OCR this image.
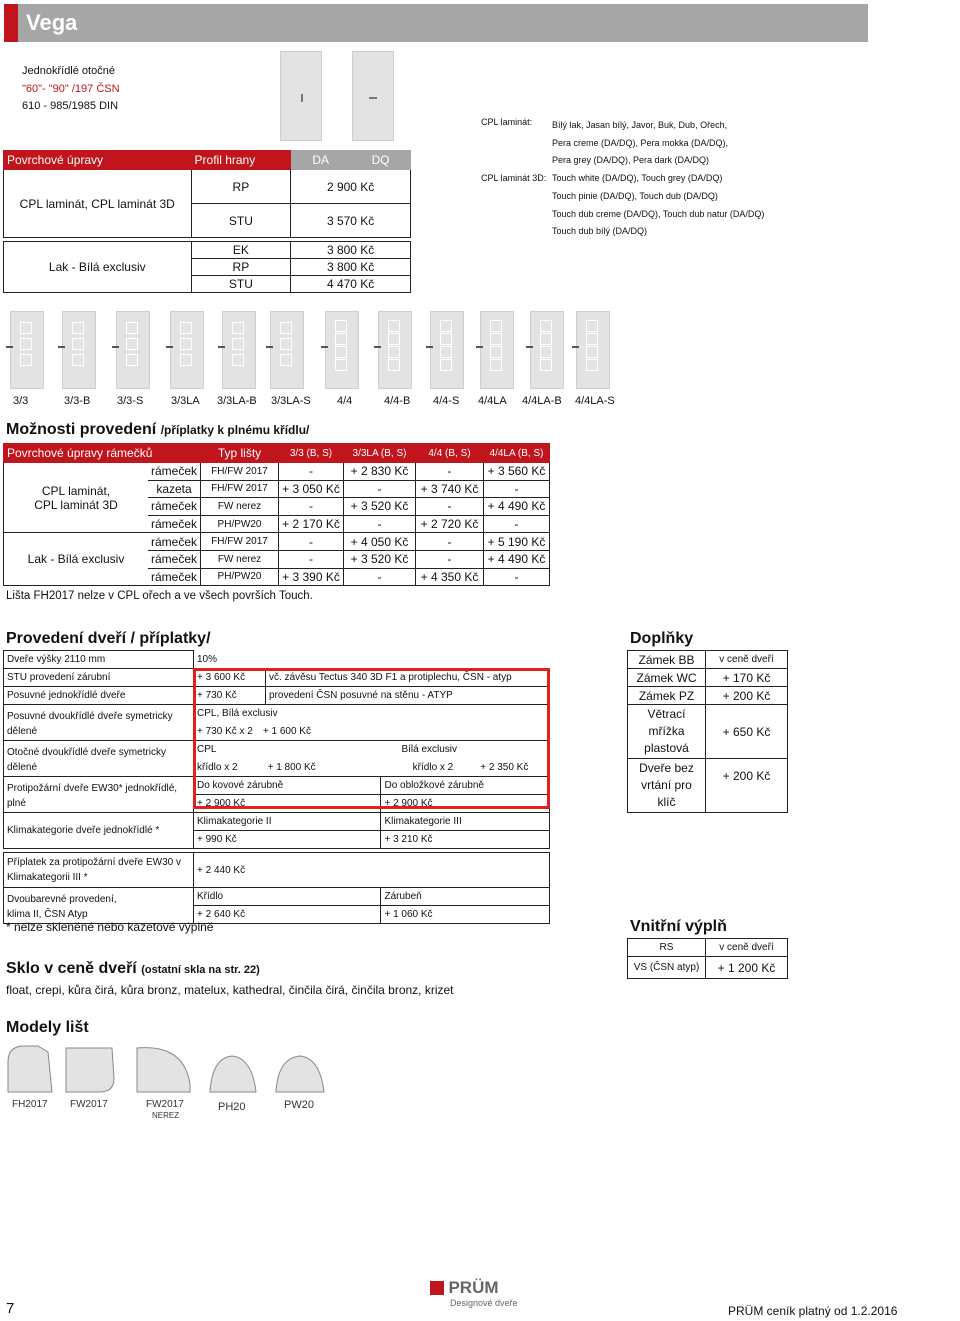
Vega
Jednokřídlé otočné
"60"- "90" /197 ČSN
610 - 985/1985 DIN
CPL laminát:
CPL laminát 3D:
Bílý lak, Jasan bílý, Javor, Buk, Dub, Ořech,
Pera creme (DA/DQ), Pera mokka (DA/DQ),
Pera grey (DA/DQ), Pera dark (DA/DQ)
Touch white (DA/DQ), Touch grey (DA/DQ)
Touch pinie (DA/DQ), Touch dub (DA/DQ)
Touch dub creme (DA/DQ), Touch dub natur (DA/DQ)
Touch dub bílý (DA/DQ)
Povrchové úpravy	Profil hrany	DA	DQ
CPL laminát, CPL laminát 3D	RP	2 900 Kč	
	STU	3 570 Kč	

Lak - Bílá exclusiv	EK	3 800 Kč	
	RP	3 800 Kč	
	STU	4 470 Kč	
3/3	3/3-B 3/3-S	3/3LA 3/3LA-B 3/3LA-S 4/4	4/4-B 4/4-S 4/4LA 4/4LA-B 4/4LA-S
Možnosti provedení /příplatky k plnému křídlu/
Povrchové úpravy rámečků		Typ lišty	3/3 (B, S)	3/3LA (B, S)	4/4 (B, S)	4/4LA (B, S)
CPL laminát, CPL laminát 3D	rámeček	FH/FW 2017	-	+ 2 830 Kč	-	+ 3 560 Kč
	kazeta	FH/FW 2017	+ 3 050 Kč	-	+ 3 740 Kč	-
	rámeček	FW nerez	-	+ 3 520 Kč	-	+ 4 490 Kč
	rámeček	PH/PW20	+ 2 170 Kč	-	+ 2 720 Kč	-
Lak - Bílá exclusiv	rámeček	FH/FW 2017	-	+ 4 050 Kč	-	+ 5 190 Kč
	rámeček	FW nerez	-	+ 3 520 Kč	-	+ 4 490 Kč
	rámeček	PH/PW20	+ 3 390 Kč	-	+ 4 350 Kč	-
Lišta FH2017 nelze v CPL ořech a ve všech površích Touch.
Provedení dveří / příplatky/
Dveře výšky 2110 mm	10%		
STU provedení zárubní	+ 3 600 Kč	vč. závěsu Tectus 340 3D F1 a protiplechu, ČSN - atyp	
Posuvné jednokřídlé dveře	+ 730 Kč	provedení ČSN posuvné na stěnu - ATYP	

Posuvné dvoukřídlé dveře symetricky
dělené	CPL, Bílá exclusiv		
	+ 730 Kč x 2 + 1 600 Kč		

Otočné dvoukřídlé dveře symetricky
dělené	CPL Bílá exclusiv		
	křídlo x 2 + 1 800 Kč křídlo x 2 + 2 350 Kč		

Protipožární dveře EW30* jednokřídlé,
plné	Do kovové zárubně		Do obložkové zárubně
	+ 2 900 Kč		+ 2 900 Kč
Klimakategorie dveře jednokřídlé *	Klimakategorie II		Klimakategorie III
	+ 990 Kč		+ 3 210 Kč

Příplatek za protipožární dveře EW30 v
Klimakategorii III *	+ 2 440 Kč		

Dvoubarevné provedení,
klima II, ČSN Atyp	Křídlo		Zárubeň
	+ 2 640 Kč		+ 1 060 Kč
* nelze skleněné nebo kazetové výplně
Doplňky
Zámek BB	v ceně dveří
Zámek WC	+ 170 Kč
Zámek PZ	+ 200 Kč

Větrací
mřížka
plastová	+ 650 Kč

Dveře bez
vrtání pro klíč	+ 200 Kč
Vnitřní výplň
RS	v ceně dveří
VS (ČSN atyp)	+ 1 200 Kč
Sklo v ceně dveří (ostatní skla na str. 22)
float, crepi, kůra čirá, kůra bronz, matelux, kathedral, činčila čirá, činčila bronz, krizet
Modely lišt
FH2017 FW2017	FW2017
NEREZ
PH20	PW20
PRÜM
Designové dveře
7	PRÜM ceník platný od 1.2.2016
